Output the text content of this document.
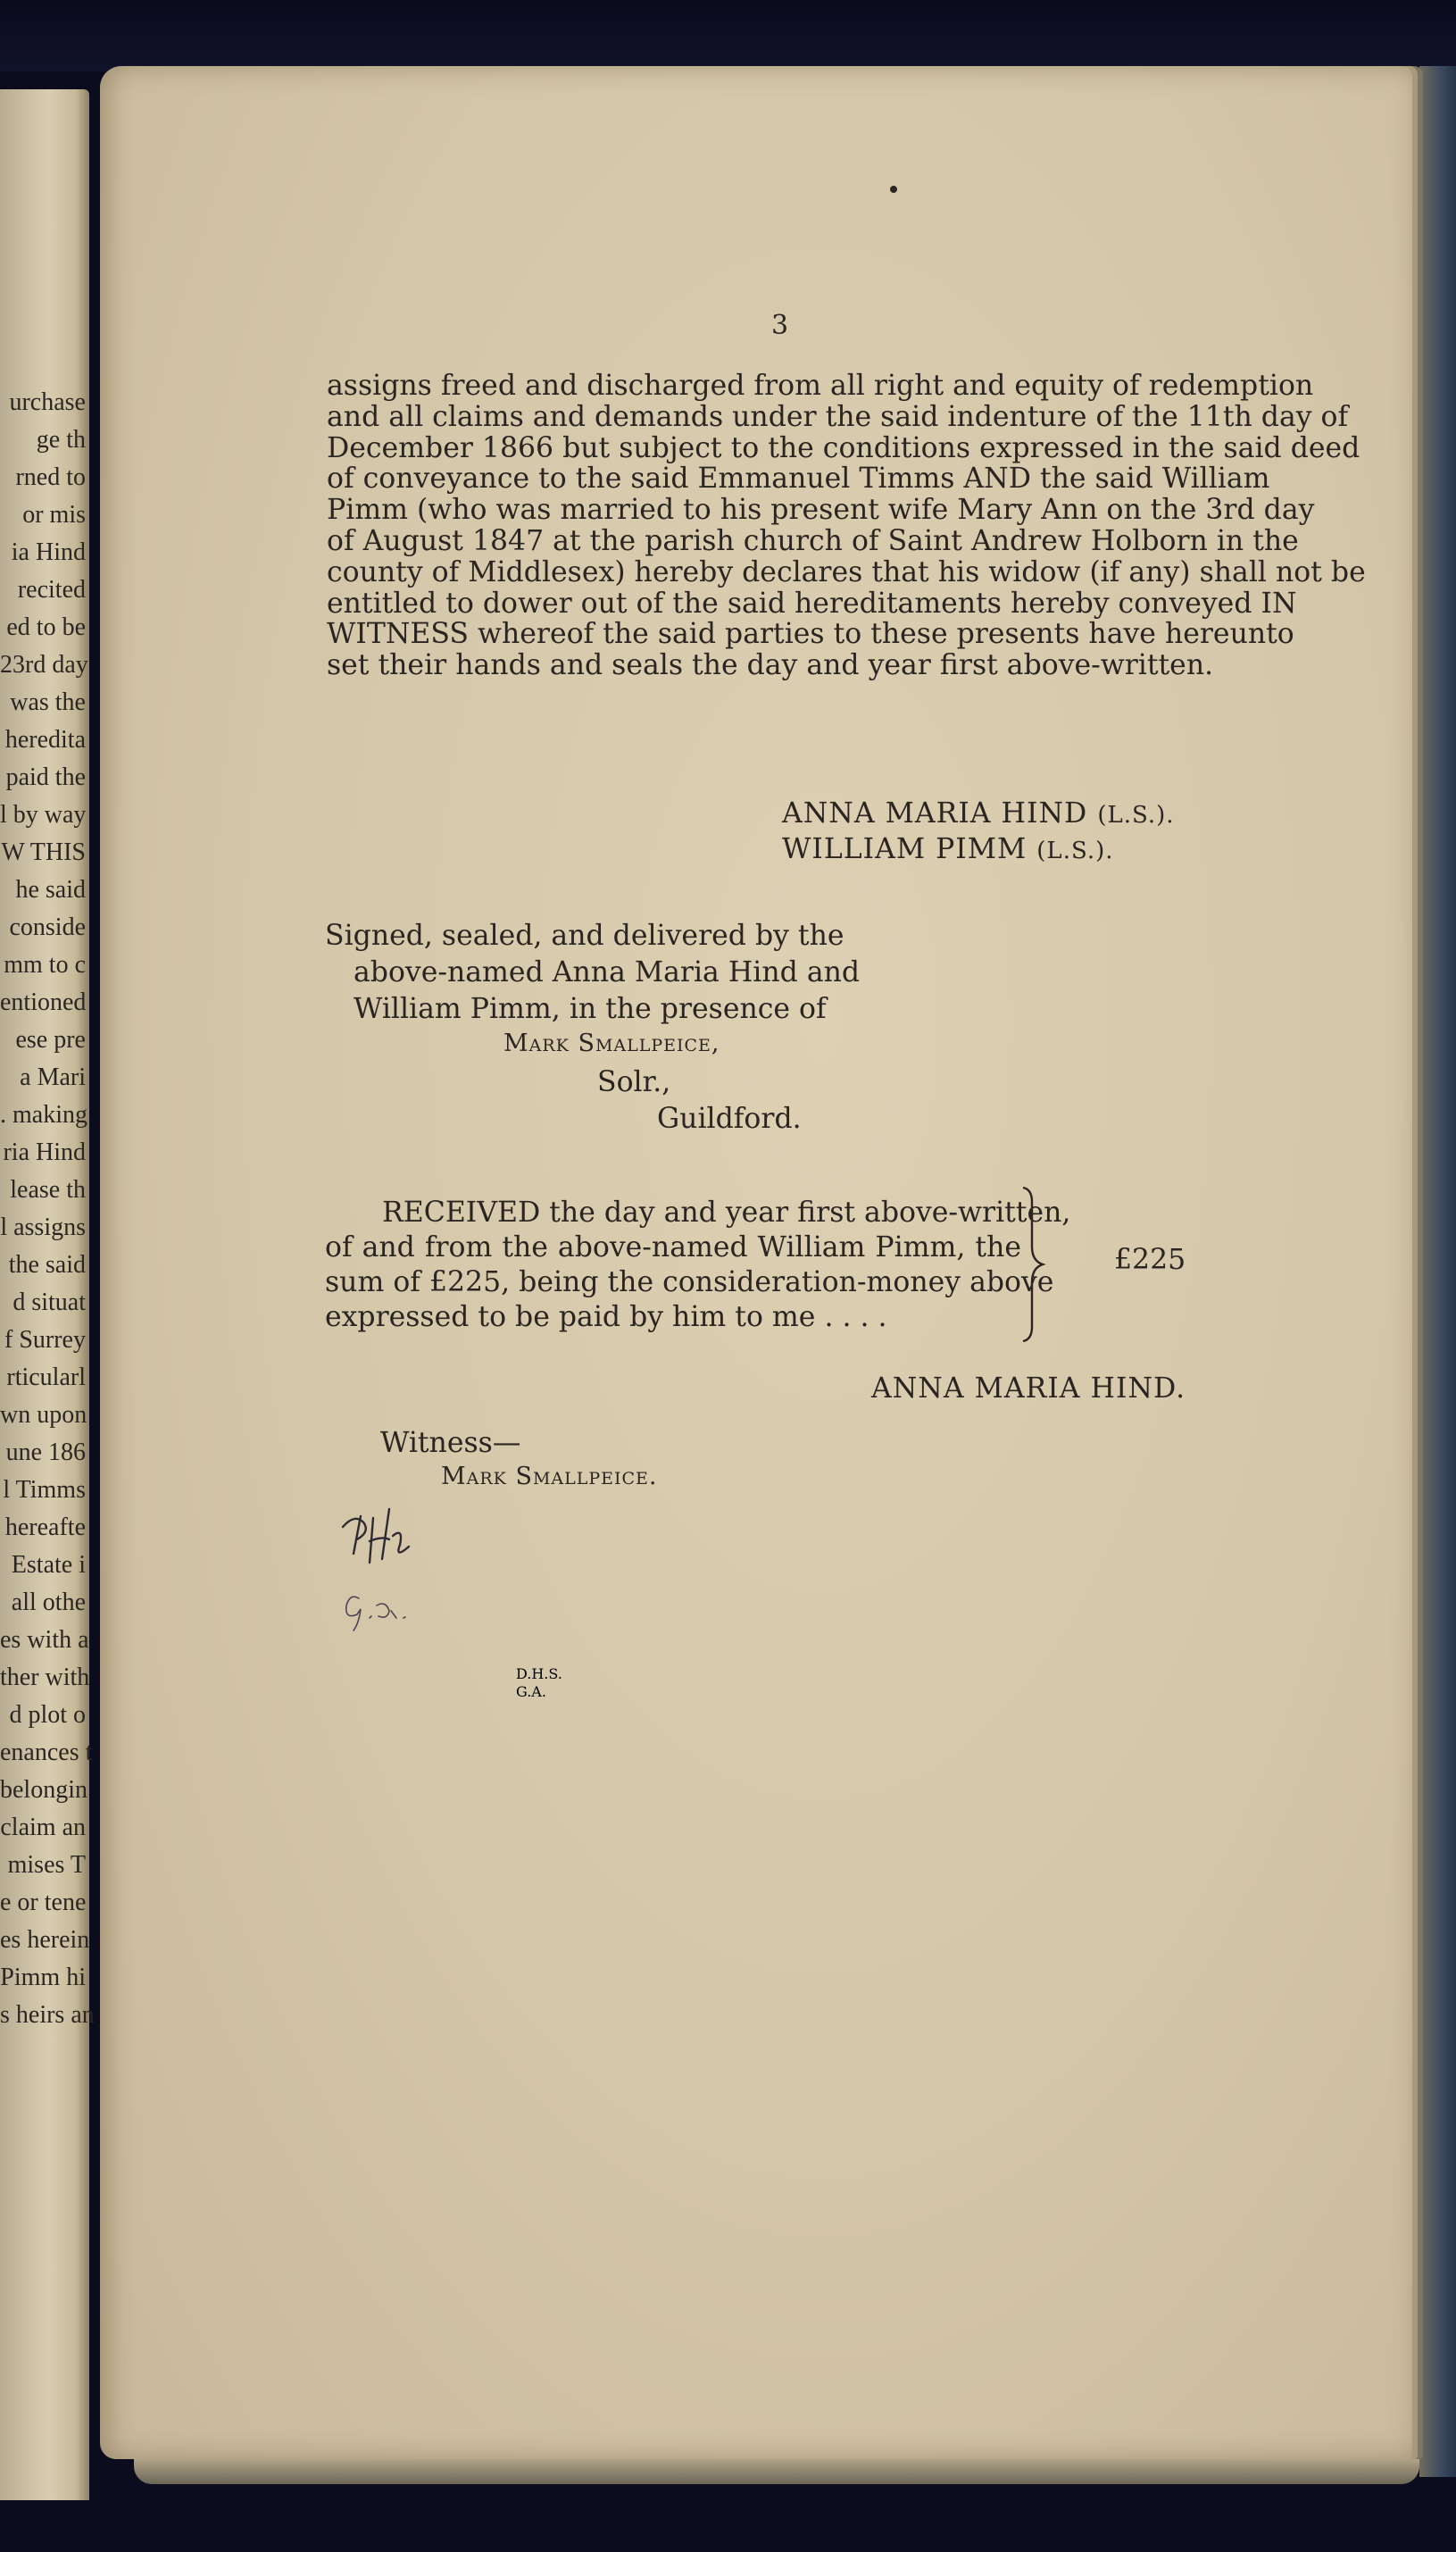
urchase
ge th
rned to
or mis
ia Hind
recited
ed to be
23rd day
was the
heredita
paid the
l by way
W THIS
he said
conside
mm to c
entioned
ese pre
a Mari
. making
ria Hind
lease th
l assigns
the said
d situat
f Surrey
rticularl
wn upon
une 186
l Timms
hereafte
Estate i
all othe
es with a
ther with
d plot o
enances t
belongin
claim an
mises T
e or tene
es herein
Pimm hi
s heirs an
3
assigns freed and discharged from all right and equity of redemption
and all claims and demands under the said indenture of the 11th day of
December 1866 but subject to the conditions expressed in the said deed
of conveyance to the said Emmanuel Timms AND the said William
Pimm (who was married to his present wife Mary Ann on the 3rd day
of August 1847 at the parish church of Saint Andrew Holborn in the
county of Middlesex) hereby declares that his widow (if any) shall not be
entitled to dower out of the said hereditaments hereby conveyed IN
WITNESS whereof the said parties to these presents have hereunto
set their hands and seals the day and year first above-written.
ANNA MARIA HIND (L.S.).
WILLIAM PIMM (L.S.).
Signed, sealed, and delivered by the
above-named Anna Maria Hind and
William Pimm, in the presence of
Mark Smallpeice,
Solr.,
Guildford.
RECEIVED the day and year first above-written,
of and from the above-named William Pimm, the
sum of £225, being the consideration-money above
expressed to be paid by him to me . . . .
£225
ANNA MARIA HIND.
Witness—
Mark Smallpeice.
D.H.S.
G.A.
